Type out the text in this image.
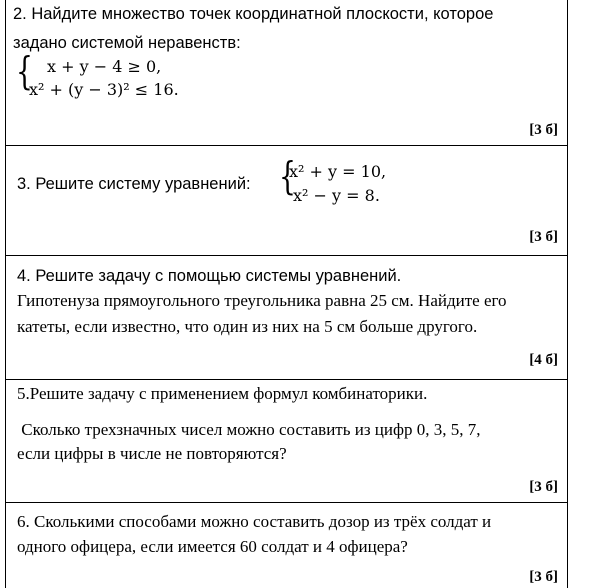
2. Найдите множество точек координатной плоскости, которое
задано системой неравенств:
{ x + y − 4 ≥ 0,
x² + (y − 3)² ≤ 16.
[3 б]
3. Решите систему уравнений: {
x² + y = 10,
x² − y = 8.
[3 б]
4. Решите задачу с помощью системы уравнений.
Гипотенуза прямоугольного треугольника равна 25 см. Найдите его
катеты, если известно, что один из них на 5 см больше другого.
[4 б]
5.Решите задачу с применением формул комбинаторики.
Сколько трехзначных чисел можно составить из цифр 0, 3, 5, 7,
если цифры в числе не повторяются?
[3 б]
6. Сколькими способами можно составить дозор из трёх солдат и
одного офицера, если имеется 60 солдат и 4 офицера?
[3 б]
